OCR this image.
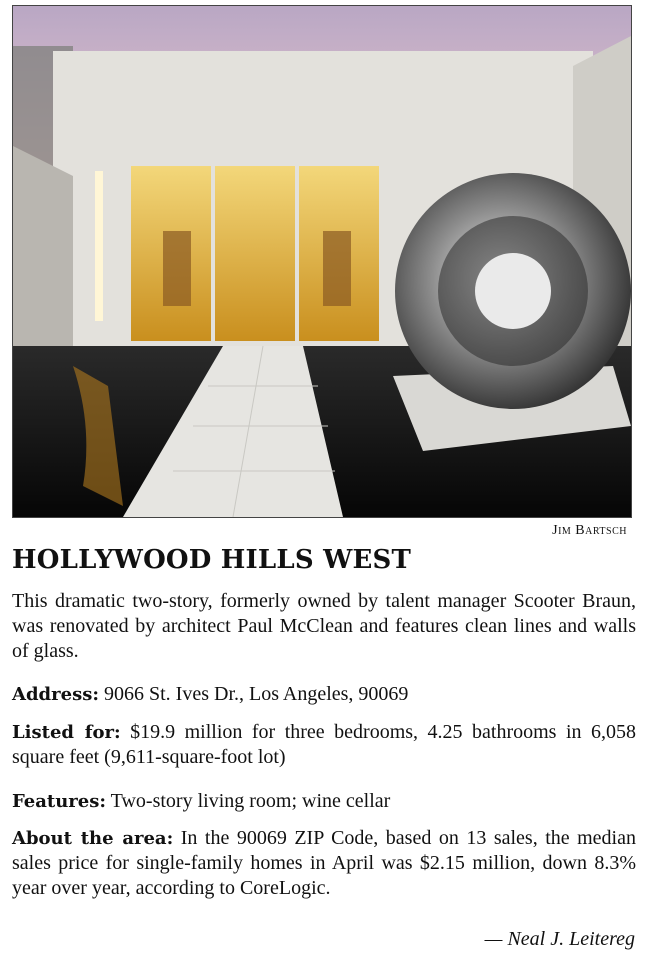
Jim Bartsch
HOLLYWOOD HILLS WEST
This dramatic two-story, formerly owned by talent manager Scooter Braun, was renovated by architect Paul McClean and features clean lines and walls of glass.
Address: 9066 St. Ives Dr., Los Angeles, 90069
Listed for: $19.9 million for three bedrooms, 4.25 bathrooms in 6,058 square feet (9,611-square-foot lot)
Features: Two-story living room; wine cellar
About the area: In the 90069 ZIP Code, based on 13 sales, the median sales price for single-family homes in April was $2.15 million, down 8.3% year over year, according to CoreLogic.
— Neal J. Leitereg
